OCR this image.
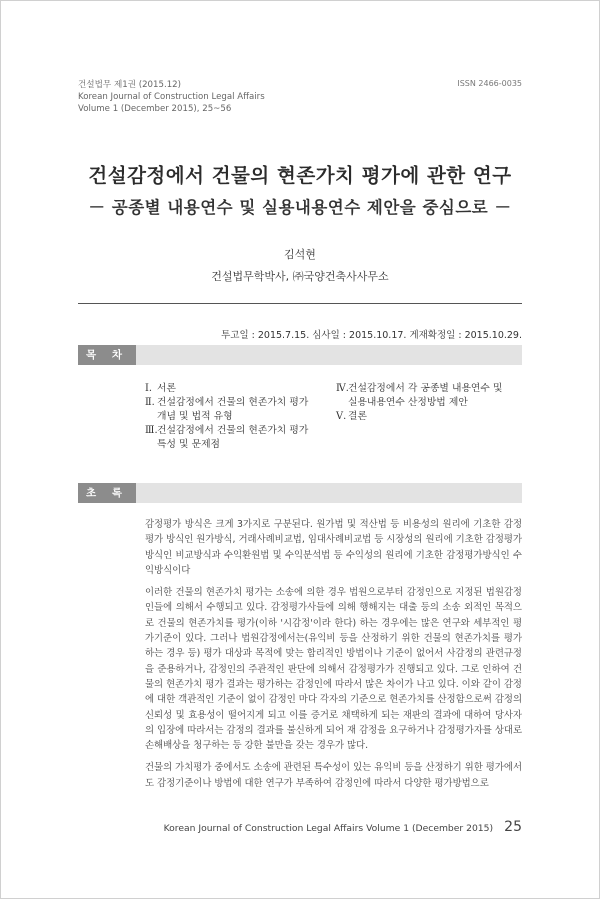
건설법무 제1권 (2015.12)
Korean Journal of Construction Legal Affairs
Volume 1 (December 2015), 25~56
ISSN 2466-0035
건설감정에서 건물의 현존가치 평가에 관한 연구
－ 공종별 내용연수 및 실용내용연수 제안을 중심으로 －
김석현
건설법무학박사, ㈜국양건축사사무소
투고일 : 2015.7.15. 심사일 : 2015.10.17. 게재확정일 : 2015.10.29.
목 차
Ⅰ. 서론
Ⅱ. 건설감정에서 건물의 현존가치 평가
개념 및 법적 유형
Ⅲ. 건설감정에서 건물의 현존가치 평가
특성 및 문제점
Ⅳ. 건설감정에서 각 공종별 내용연수 및
실용내용연수 산정방법 제안
Ⅴ. 결론
초 록

감정평가 방식은 크게 3가지로 구분된다. 원가법 및 적산법 등 비용성의 원리에 기초한 감정평가 방식인 원가방식, 거래사례비교법, 임대사례비교법 등 시장성의 원리에 기초한 감정평가방식인 비교방식과 수익환원법 및 수익분석법 등 수익성의 원리에 기초한 감정평가방식인 수익방식이다

이러한 건물의 현존가치 평가는 소송에 의한 경우 법원으로부터 감정인으로 지정된 법원감정인들에 의해서 수행되고 있다. 감정평가사들에 의해 행해지는 대출 등의 소송 외적인 목적으로 건물의 현존가치를 평가(이하 '시감정'이라 한다) 하는 경우에는 많은 연구와 세부적인 평가기준이 있다. 그러나 법원감정에서는(유익비 등을 산정하기 위한 건물의 현존가치를 평가하는 경우 등) 평가 대상과 목적에 맞는 합리적인 방법이나 기준이 없어서 사감정의 관련규정을 준용하거나, 감정인의 주관적인 판단에 의해서 감정평가가 진행되고 있다. 그로 인하여 건물의 현존가치 평가 결과는 평가하는 감정인에 따라서 많은 차이가 나고 있다. 이와 같이 감정에 대한 객관적인 기준이 없이 감정인 마다 각자의 기준으로 현존가치를 산정함으로써 감정의 신뢰성 및 효용성이 떨어지게 되고 이를 증거로 채택하게 되는 재판의 결과에 대하여 당사자의 입장에 따라서는 감정의 결과를 불신하게 되어 재 감정을 요구하거나 감정평가자를 상대로 손해배상을 청구하는 등 강한 불만을 갖는 경우가 많다.

건물의 가치평가 중에서도 소송에 관련된 특수성이 있는 유익비 등을 산정하기 위한 평가에서도 감정기준이나 방법에 대한 연구가 부족하여 감정인에 따라서 다양한 평가방법으로

Korean Journal of Construction Legal Affairs Volume 1 (December 2015) 25
